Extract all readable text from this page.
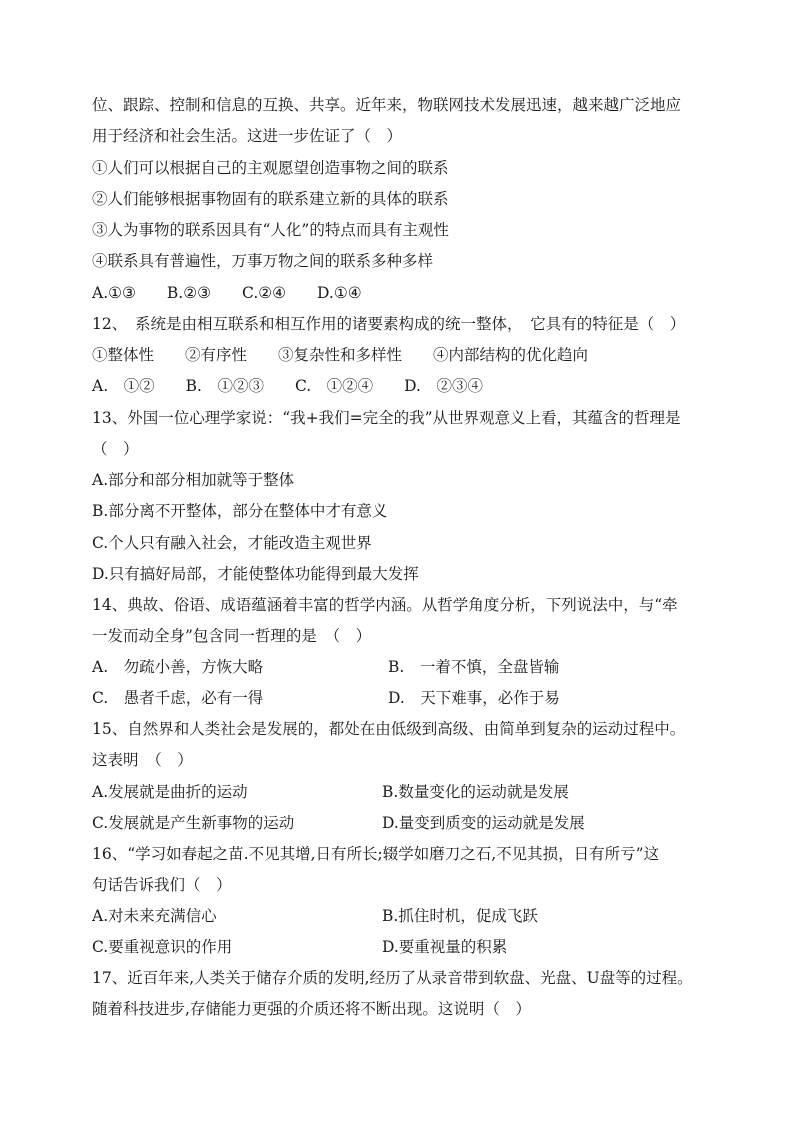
位、跟踪、控制和信息的互换、共享。近年来，物联网技术发展迅速，越来越广泛地应
用于经济和社会生活。这进一步佐证了（　）
①人们可以根据自己的主观愿望创造事物之间的联系
②人们能够根据事物固有的联系建立新的具体的联系
③人为事物的联系因具有“人化”的特点而具有主观性
④联系具有普遍性，万事万物之间的联系多种多样
A.①③　　B.②③　　C.②④　　D.①④
12、　系统是由相互联系和相互作用的诸要素构成的统一整体，　它具有的特征是（　）
①整体性　　②有序性　　③复杂性和多样性　　④内部结构的优化趋向
A.　①②　　B.　①②③　　C.　①②④　　D.　②③④
13、外国一位心理学家说：“我+我们=完全的我”从世界观意义上看，其蕴含的哲理是
（　）
A.部分和部分相加就等于整体
B.部分离不开整体，部分在整体中才有意义
C.个人只有融入社会，才能改造主观世界
D.只有搞好局部，才能使整体功能得到最大发挥
14、典故、俗语、成语蕴涵着丰富的哲学内涵。从哲学角度分析，下列说法中，与“牵
一发而动全身”包含同一哲理的是　（　）
A.　勿疏小善，方恢大略	B.　一着不慎，全盘皆输
C.　愚者千虑，必有一得	D.　天下难事，必作于易
15、自然界和人类社会是发展的，都处在由低级到高级、由简单到复杂的运动过程中。
这表明　（　）
A.发展就是曲折的运动	B.数量变化的运动就是发展
C.发展就是产生新事物的运动	D.量变到质变的运动就是发展
16、“学习如春起之苗.不见其增,日有所长;辍学如磨刀之石,不见其损，日有所亏”这
句话告诉我们（　）
A.对未来充满信心	B.抓住时机，促成飞跃
C.要重视意识的作用	D.要重视量的积累
17、近百年来,人类关于储存介质的发明,经历了从录音带到软盘、光盘、U盘等的过程。
随着科技进步,存储能力更强的介质还将不断出现。这说明（　）
